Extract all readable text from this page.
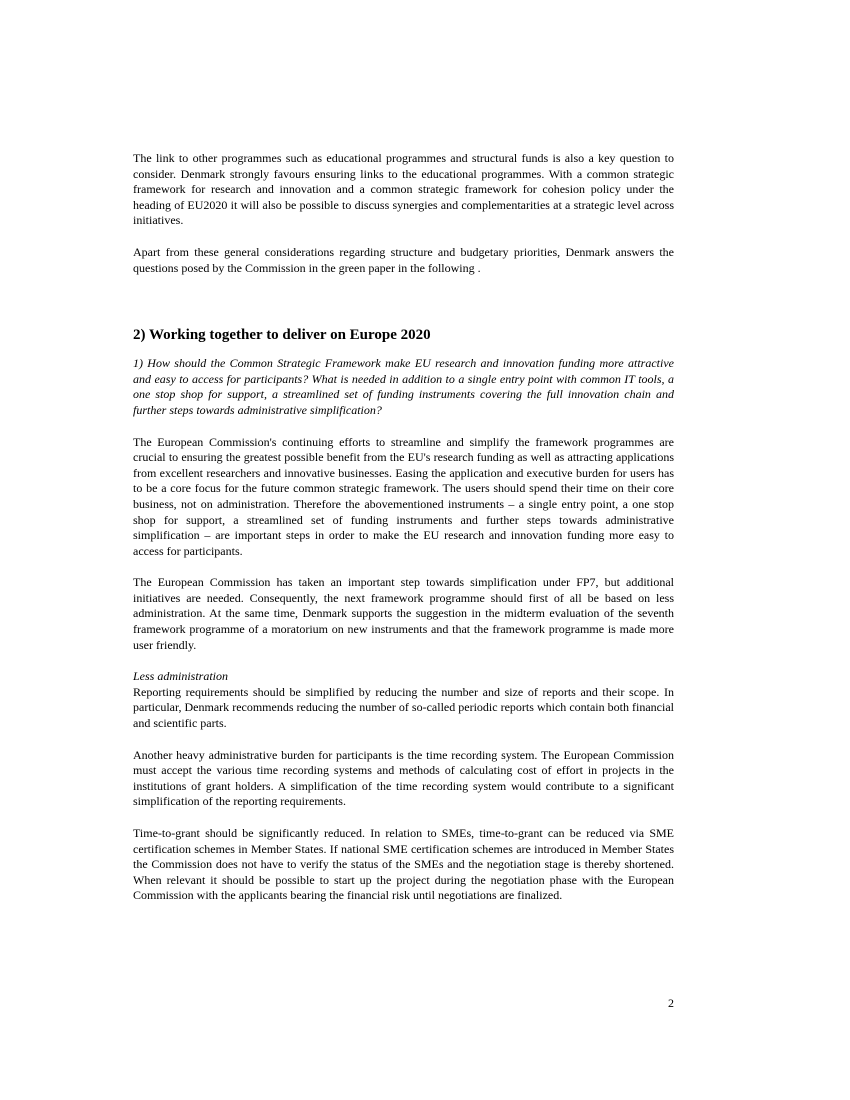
The link to other programmes such as educational programmes and structural funds is also a key question to consider. Denmark strongly favours ensuring links to the educational programmes. With a common strategic framework for research and innovation and a common strategic framework for cohesion policy under the heading of EU2020 it will also be possible to discuss synergies and complementarities at a strategic level across initiatives.

Apart from these general considerations regarding structure and budgetary priorities, Denmark answers the questions posed by the Commission in the green paper in the following .

2) Working together to deliver on Europe 2020

1) How should the Common Strategic Framework make EU research and innovation funding more attractive and easy to access for participants? What is needed in addition to a single entry point with common IT tools, a one stop shop for support, a streamlined set of funding instruments covering the full innovation chain and further steps towards administrative simplification?

The European Commission's continuing efforts to streamline and simplify the framework programmes are crucial to ensuring the greatest possible benefit from the EU's research funding as well as attracting applications from excellent researchers and innovative businesses. Easing the application and executive burden for users has to be a core focus for the future common strategic framework. The users should spend their time on their core business, not on administration. Therefore the abovementioned instruments – a single entry point, a one stop shop for support, a streamlined set of funding instruments and further steps towards administrative simplification – are important steps in order to make the EU research and innovation funding more easy to access for participants.

The European Commission has taken an important step towards simplification under FP7, but additional initiatives are needed. Consequently, the next framework programme should first of all be based on less administration. At the same time, Denmark supports the suggestion in the midterm evaluation of the seventh framework programme of a moratorium on new instruments and that the framework programme is made more user friendly.

Less administration

Reporting requirements should be simplified by reducing the number and size of reports and their scope. In particular, Denmark recommends reducing the number of so-called periodic reports which contain both financial and scientific parts.

Another heavy administrative burden for participants is the time recording system. The European Commission must accept the various time recording systems and methods of calculating cost of effort in projects in the institutions of grant holders. A simplification of the time recording system would contribute to a significant simplification of the reporting requirements.

Time-to-grant should be significantly reduced. In relation to SMEs, time-to-grant can be reduced via SME certification schemes in Member States. If national SME certification schemes are introduced in Member States the Commission does not have to verify the status of the SMEs and the negotiation stage is thereby shortened. When relevant it should be possible to start up the project during the negotiation phase with the European Commission with the applicants bearing the financial risk until negotiations are finalized.

2
